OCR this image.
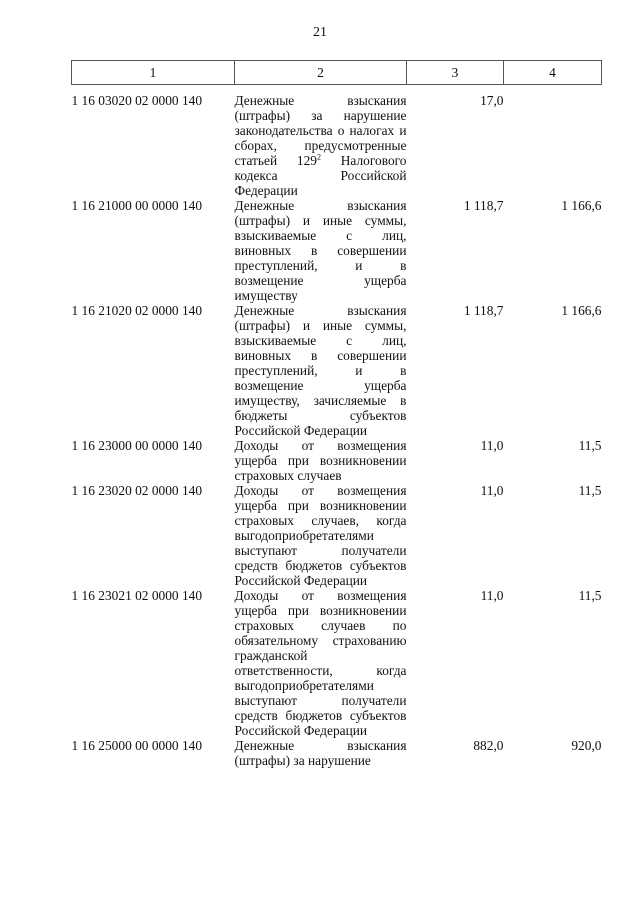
21
1	2	3	4
1 16 03020 02 0000 140	Денежные взыскания (штрафы) за нарушение законодательства о налогах и сборах, предусмотренные статьей $129^2$ Налогового кодекса Российской Федерации	17,0	
1 16 21000 00 0000 140	Денежные взыскания (штрафы) и иные суммы, взыскиваемые с лиц, виновных в совершении преступлений, и в возмещение ущерба имуществу	1 118,7	1 166,6
1 16 21020 02 0000 140	Денежные взыскания (штрафы) и иные суммы, взыскиваемые с лиц, виновных в совершении преступлений, и в возмещение ущерба имуществу, зачисляемые в бюджеты субъектов Российской Федерации	1 118,7	1 166,6
1 16 23000 00 0000 140	Доходы от возмещения ущерба при возникновении страховых случаев	11,0	11,5
1 16 23020 02 0000 140	Доходы от возмещения ущерба при возникновении страховых случаев, когда выгодоприобретателями выступают получатели средств бюджетов субъектов Российской Федерации	11,0	11,5
1 16 23021 02 0000 140	Доходы от возмещения ущерба при возникновении страховых случаев по обязательному страхованию гражданской ответственности, когда выгодоприобретателями выступают получатели средств бюджетов субъектов Российской Федерации	11,0	11,5
1 16 25000 00 0000 140	Денежные взыскания (штрафы) за нарушение	882,0	920,0
